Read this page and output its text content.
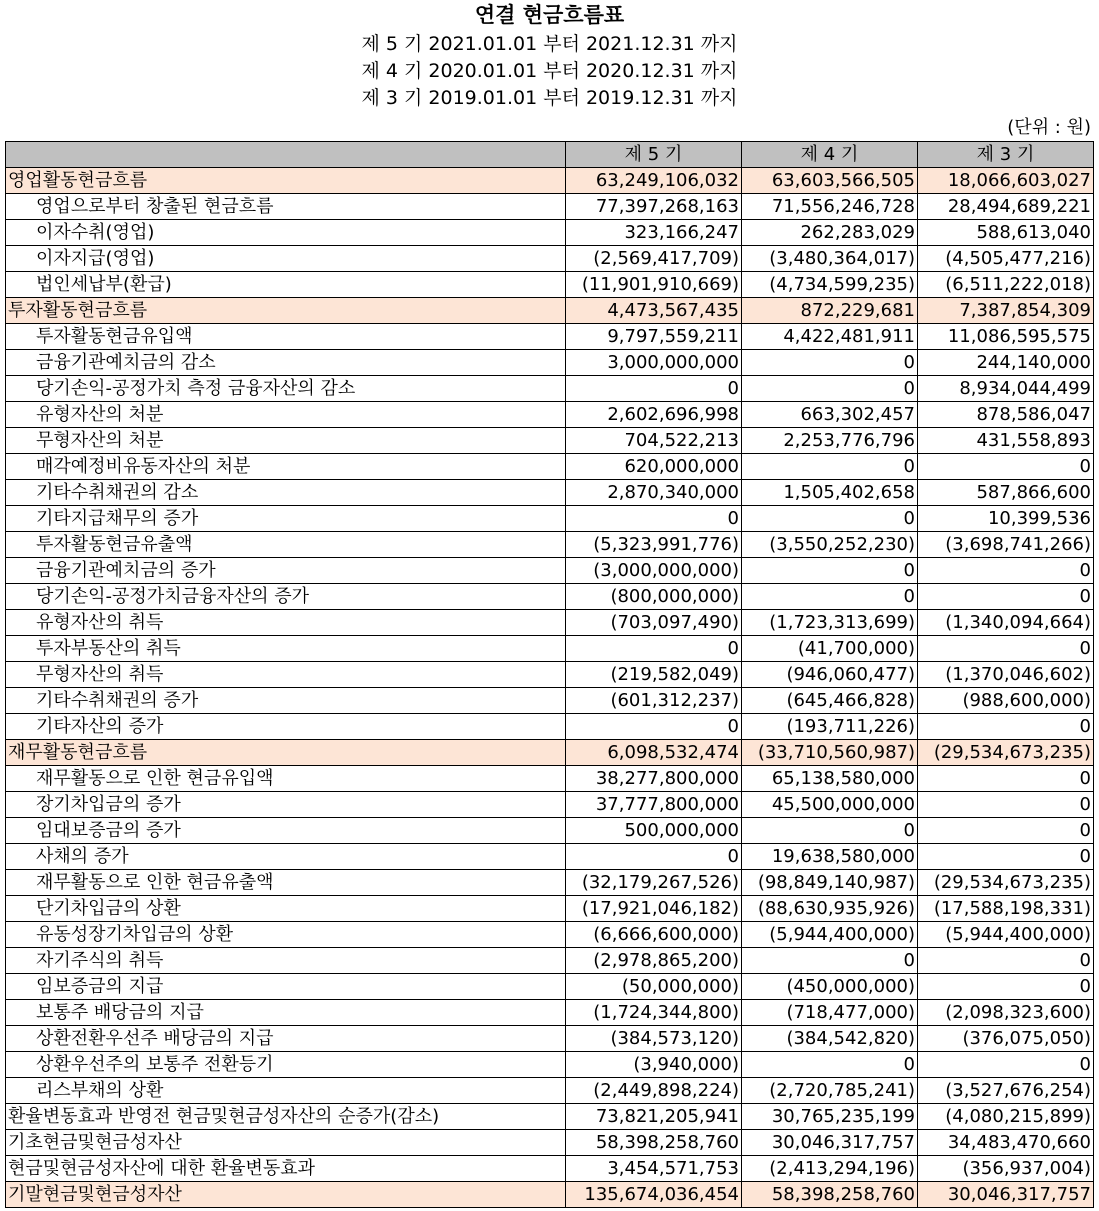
연결 현금흐름표
제 5 기 2021.01.01 부터 2021.12.31 까지
제 4 기 2020.01.01 부터 2020.12.31 까지
제 3 기 2019.01.01 부터 2019.12.31 까지
(단위 : 원)
	제 5 기	제 4 기	제 3 기
영업활동현금흐름	63,249,106,032	63,603,566,505	18,066,603,027
영업으로부터 창출된 현금흐름	77,397,268,163	71,556,246,728	28,494,689,221
이자수취(영업)	323,166,247	262,283,029	588,613,040
이자지급(영업)	(2,569,417,709)	(3,480,364,017)	(4,505,477,216)
법인세납부(환급)	(11,901,910,669)	(4,734,599,235)	(6,511,222,018)
투자활동현금흐름	4,473,567,435	872,229,681	7,387,854,309
투자활동현금유입액	9,797,559,211	4,422,481,911	11,086,595,575
금융기관예치금의 감소	3,000,000,000	0	244,140,000
당기손익-공정가치 측정 금융자산의 감소	0	0	8,934,044,499
유형자산의 처분	2,602,696,998	663,302,457	878,586,047
무형자산의 처분	704,522,213	2,253,776,796	431,558,893
매각예정비유동자산의 처분	620,000,000	0	0
기타수취채권의 감소	2,870,340,000	1,505,402,658	587,866,600
기타지급채무의 증가	0	0	10,399,536
투자활동현금유출액	(5,323,991,776)	(3,550,252,230)	(3,698,741,266)
금융기관예치금의 증가	(3,000,000,000)	0	0
당기손익-공정가치금융자산의 증가	(800,000,000)	0	0
유형자산의 취득	(703,097,490)	(1,723,313,699)	(1,340,094,664)
투자부동산의 취득	0	(41,700,000)	0
무형자산의 취득	(219,582,049)	(946,060,477)	(1,370,046,602)
기타수취채권의 증가	(601,312,237)	(645,466,828)	(988,600,000)
기타자산의 증가	0	(193,711,226)	0
재무활동현금흐름	6,098,532,474	(33,710,560,987)	(29,534,673,235)
재무활동으로 인한 현금유입액	38,277,800,000	65,138,580,000	0
장기차입금의 증가	37,777,800,000	45,500,000,000	0
임대보증금의 증가	500,000,000	0	0
사채의 증가	0	19,638,580,000	0
재무활동으로 인한 현금유출액	(32,179,267,526)	(98,849,140,987)	(29,534,673,235)
단기차입금의 상환	(17,921,046,182)	(88,630,935,926)	(17,588,198,331)
유동성장기차입금의 상환	(6,666,600,000)	(5,944,400,000)	(5,944,400,000)
자기주식의 취득	(2,978,865,200)	0	0
임보증금의 지급	(50,000,000)	(450,000,000)	0
보통주 배당금의 지급	(1,724,344,800)	(718,477,000)	(2,098,323,600)
상환전환우선주 배당금의 지급	(384,573,120)	(384,542,820)	(376,075,050)
상환우선주의 보통주 전환등기	(3,940,000)	0	0
리스부채의 상환	(2,449,898,224)	(2,720,785,241)	(3,527,676,254)
환율변동효과 반영전 현금및현금성자산의 순증가(감소)	73,821,205,941	30,765,235,199	(4,080,215,899)
기초현금및현금성자산	58,398,258,760	30,046,317,757	34,483,470,660
현금및현금성자산에 대한 환율변동효과	3,454,571,753	(2,413,294,196)	(356,937,004)
기말현금및현금성자산	135,674,036,454	58,398,258,760	30,046,317,757
